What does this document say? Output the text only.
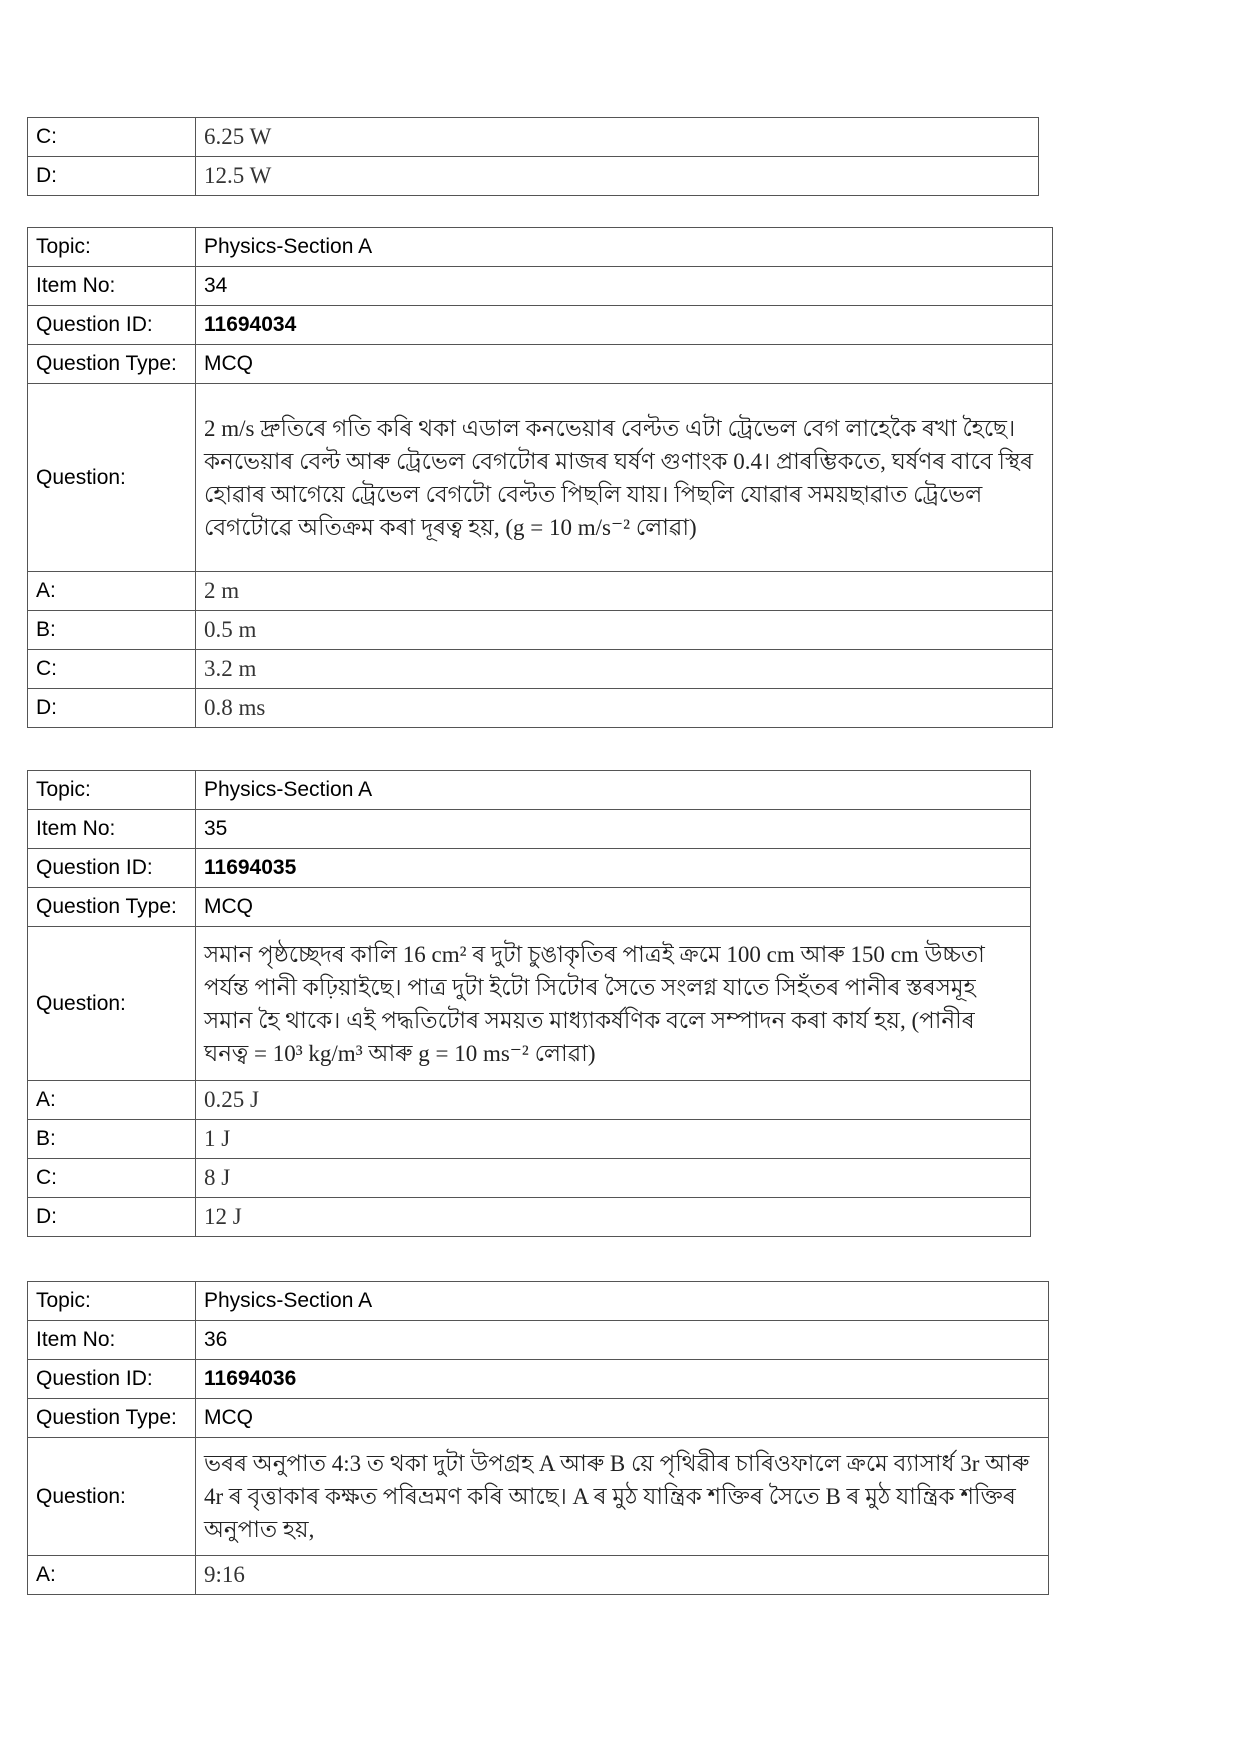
C:	6.25 W
D:	12.5 W
Topic:	Physics-Section A
Item No:	34
Question ID:	11694034
Question Type:	MCQ
Question:	2 m/s দ্রুতিৰে গতি কৰি থকা এডাল কনভেয়াৰ বেল্টত এটা ট্ৰেভেল বেগ লাহেকৈ ৰখা হৈছে। কনভেয়াৰ বেল্ট আৰু ট্ৰেভেল বেগটোৰ মাজৰ ঘৰ্ষণ গুণাংক 0.4। প্ৰাৰম্ভিকতে, ঘৰ্ষণৰ বাবে স্থিৰ হোৱাৰ আগেয়ে ট্ৰেভেল বেগটো বেল্টত পিছলি যায়। পিছলি যোৱাৰ সময়ছাৱাত ট্ৰেভেল বেগটোৱে অতিক্ৰম কৰা দূৰত্ব হয়, (g = 10 m/s⁻² লোৱা)
A:	2 m
B:	0.5 m
C:	3.2 m
D:	0.8 ms
Topic:	Physics-Section A
Item No:	35
Question ID:	11694035
Question Type:	MCQ
Question:	সমান পৃষ্ঠচ্ছেদৰ কালি 16 cm² ৰ দুটা চুঙাকৃতিৰ পাত্ৰই ক্ৰমে 100 cm আৰু 150 cm উচ্চতা পৰ্যন্ত পানী কঢ়িয়াইছে। পাত্ৰ দুটা ইটো সিটোৰ সৈতে সংলগ্ন যাতে সিহঁতৰ পানীৰ স্তৰসমূহ সমান হৈ থাকে। এই পদ্ধতিটোৰ সময়ত মাধ্যাকৰ্ষণিক বলে সম্পাদন কৰা কাৰ্য হয়, (পানীৰ ঘনত্ব = 10³ kg/m³ আৰু g = 10 ms⁻² লোৱা)
A:	0.25 J
B:	1 J
C:	8 J
D:	12 J
Topic:	Physics-Section A
Item No:	36
Question ID:	11694036
Question Type:	MCQ
Question:	ভৰৰ অনুপাত 4:3 ত থকা দুটা উপগ্ৰহ A আৰু B য়ে পৃথিৱীৰ চাৰিওফালে ক্ৰমে ব্যাসাৰ্ধ 3r আৰু 4r ৰ বৃত্তাকাৰ কক্ষত পৰিভ্ৰমণ কৰি আছে। A ৰ মুঠ যান্ত্ৰিক শক্তিৰ সৈতে B ৰ মুঠ যান্ত্ৰিক শক্তিৰ অনুপাত হয়,
A:	9:16
